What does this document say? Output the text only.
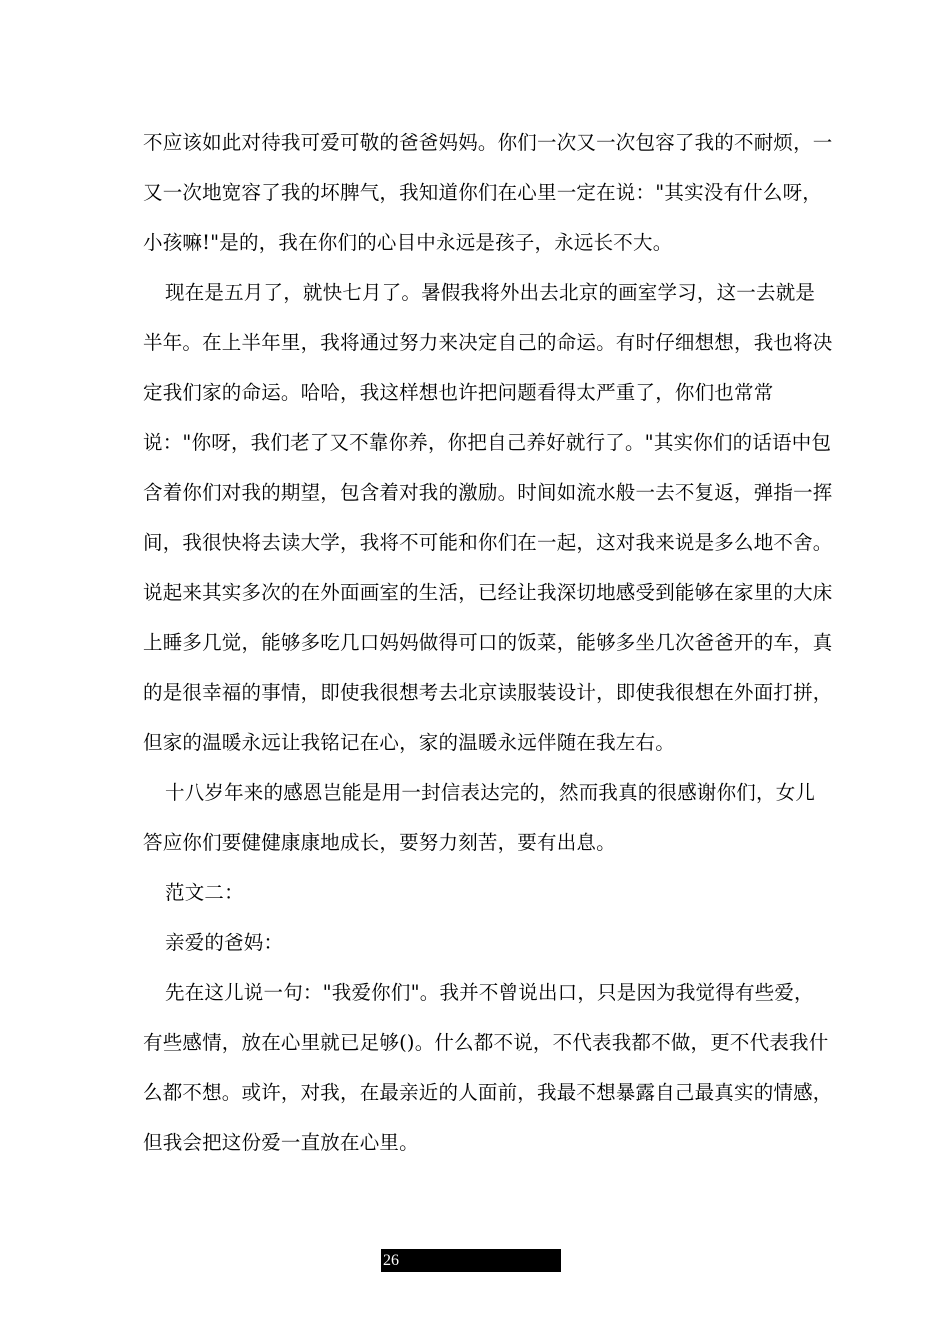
不应该如此对待我可爱可敬的爸爸妈妈。你们一次又一次包容了我的不耐烦，一又一次地宽容了我的坏脾气，我知道你们在心里一定在说："其实没有什么呀，小孩嘛!"是的，我在你们的心目中永远是孩子，永远长不大。

现在是五月了，就快七月了。暑假我将外出去北京的画室学习，这一去就是半年。在上半年里，我将通过努力来决定自己的命运。有时仔细想想，我也将决定我们家的命运。哈哈，我这样想也许把问题看得太严重了，你们也常常说："你呀，我们老了又不靠你养，你把自己养好就行了。"其实你们的话语中包含着你们对我的期望，包含着对我的激励。时间如流水般一去不复返，弹指一挥间，我很快将去读大学，我将不可能和你们在一起，这对我来说是多么地不舍。说起来其实多次的在外面画室的生活，已经让我深切地感受到能够在家里的大床上睡多几觉，能够多吃几口妈妈做得可口的饭菜，能够多坐几次爸爸开的车，真的是很幸福的事情，即使我很想考去北京读服装设计，即使我很想在外面打拼，但家的温暖永远让我铭记在心，家的温暖永远伴随在我左右。

十八岁年来的感恩岂能是用一封信表达完的，然而我真的很感谢你们，女儿答应你们要健健康康地成长，要努力刻苦，要有出息。

范文二：

亲爱的爸妈：

先在这儿说一句："我爱你们"。我并不曾说出口，只是因为我觉得有些爱，有些感情，放在心里就已足够()。什么都不说，不代表我都不做，更不代表我什么都不想。或许，对我，在最亲近的人面前，我最不想暴露自己最真实的情感，但我会把这份爱一直放在心里。

26
